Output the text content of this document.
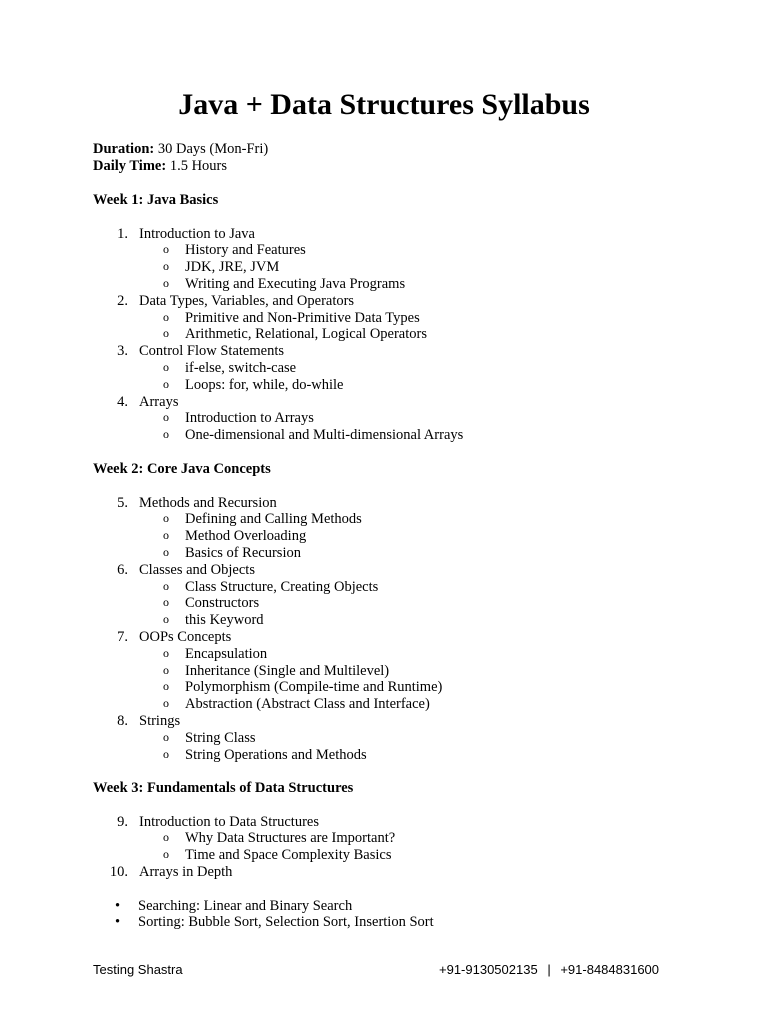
Java + Data Structures Syllabus
Duration: 30 Days (Mon-Fri)
Daily Time: 1.5 Hours
Week 1: Java Basics
1. Introduction to Java
o History and Features
o JDK, JRE, JVM
o Writing and Executing Java Programs
2. Data Types, Variables, and Operators
o Primitive and Non-Primitive Data Types
o Arithmetic, Relational, Logical Operators
3. Control Flow Statements
o if-else, switch-case
o Loops: for, while, do-while
4. Arrays
o Introduction to Arrays
o One-dimensional and Multi-dimensional Arrays
Week 2: Core Java Concepts
5. Methods and Recursion
o Defining and Calling Methods
o Method Overloading
o Basics of Recursion
6. Classes and Objects
o Class Structure, Creating Objects
o Constructors
o this Keyword
7. OOPs Concepts
o Encapsulation
o Inheritance (Single and Multilevel)
o Polymorphism (Compile-time and Runtime)
o Abstraction (Abstract Class and Interface)
8. Strings
o String Class
o String Operations and Methods
Week 3: Fundamentals of Data Structures
9. Introduction to Data Structures
o Why Data Structures are Important?
o Time and Space Complexity Basics
10. Arrays in Depth
• Searching: Linear and Binary Search
• Sorting: Bubble Sort, Selection Sort, Insertion Sort
Testing Shastra	+91-9130502135 | +91-8484831600
